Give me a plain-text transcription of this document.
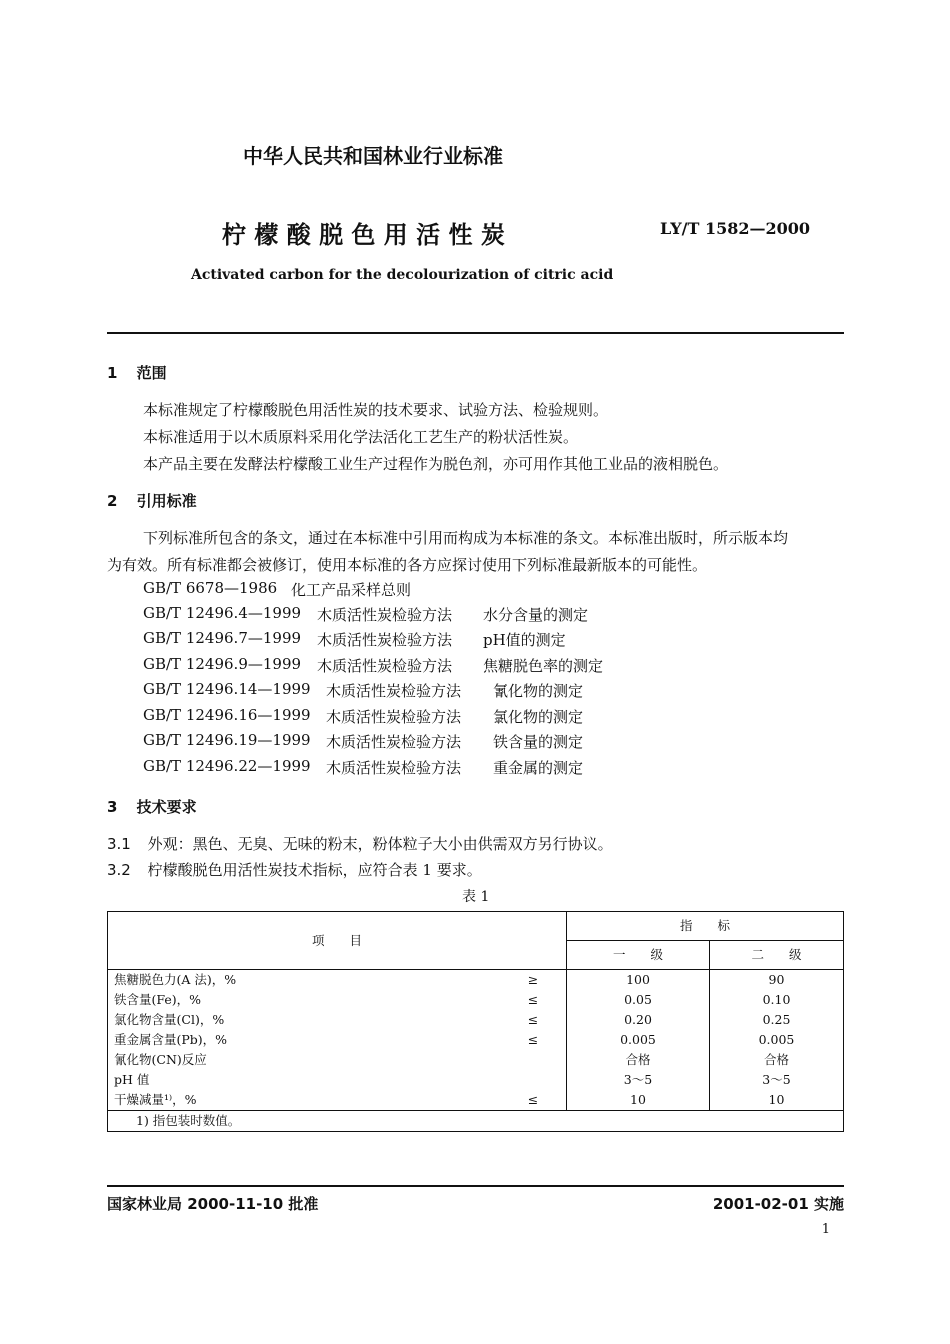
中华人民共和国林业行业标准
柠 檬 酸 脱 色 用 活 性 炭	LY/T 1582—2000
Activated carbon for the decolourization of citric acid
1 范围
本标准规定了柠檬酸脱色用活性炭的技术要求、试验方法、检验规则。
本标准适用于以木质原料采用化学法活化工艺生产的粉状活性炭。
本产品主要在发酵法柠檬酸工业生产过程作为脱色剂，亦可用作其他工业品的液相脱色。
2 引用标准
下列标准所包含的条文，通过在本标准中引用而构成为本标准的条文。本标准出版时，所示版本均
为有效。所有标准都会被修订，使用本标准的各方应探讨使用下列标准最新版本的可能性。
GB/T 6678—1986 化工产品采样总则
GB/T 12496.4—1999 木质活性炭检验方法 水分含量的测定
GB/T 12496.7—1999 木质活性炭检验方法 pH值的测定
GB/T 12496.9—1999 木质活性炭检验方法 焦糖脱色率的测定
GB/T 12496.14—1999 木质活性炭检验方法 氰化物的测定
GB/T 12496.16—1999 木质活性炭检验方法 氯化物的测定
GB/T 12496.19—1999 木质活性炭检验方法 铁含量的测定
GB/T 12496.22—1999 木质活性炭检验方法 重金属的测定
3 技术要求
3.1 外观：黑色、无臭、无味的粉末，粉体粒子大小由供需双方另行协议。
3.2 柠檬酸脱色用活性炭技术指标，应符合表 1 要求。
表 1
项　　目		指　　标	
		一　　级	二　　级
焦糖脱色力(A 法)，%	≥	100	90
铁含量(Fe)，%	≤	0.05	0.10
氯化物含量(Cl)，%	≤	0.20	0.25
重金属含量(Pb)，%	≤	0.005	0.005
氰化物(CN)反应		合格	合格
pH 值		3～5	3～5
干燥减量¹⁾，%	≤	10	10
1) 指包装时数值。			
国家林业局 2000-11-10 批准	2001-02-01 实施
1
